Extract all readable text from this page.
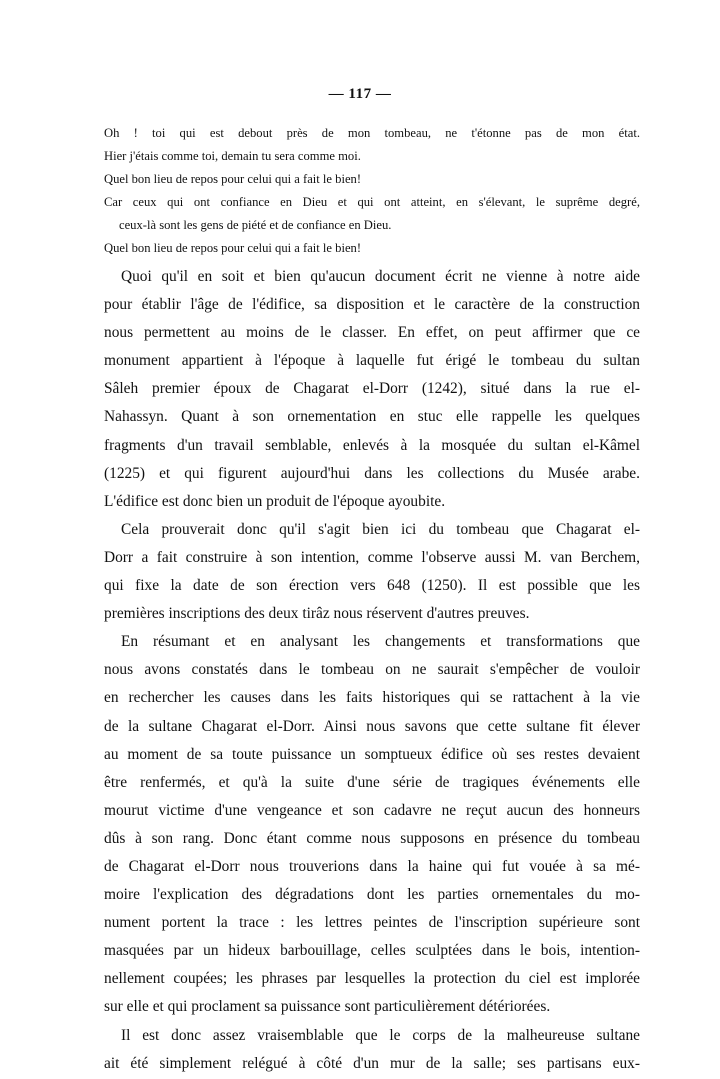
— 117 —
Oh ! toi qui est debout près de mon tombeau, ne t'étonne pas de mon état.
Hier j'étais comme toi, demain tu sera comme moi.
Quel bon lieu de repos pour celui qui a fait le bien!
Car ceux qui ont confiance en Dieu et qui ont atteint, en s'élevant, le suprême degré,
ceux-là sont les gens de piété et de confiance en Dieu.
Quel bon lieu de repos pour celui qui a fait le bien!
Quoi qu'il en soit et bien qu'aucun document écrit ne vienne à notre aide
pour établir l'âge de l'édifice, sa disposition et le caractère de la construction
nous permettent au moins de le classer. En effet, on peut affirmer que ce
monument appartient à l'époque à laquelle fut érigé le tombeau du sultan
Sâleh premier époux de Chagarat el-Dorr (1242), situé dans la rue el-
Nahassyn. Quant à son ornementation en stuc elle rappelle les quelques
fragments d'un travail semblable, enlevés à la mosquée du sultan el-Kâmel
(1225) et qui figurent aujourd'hui dans les collections du Musée arabe.
L'édifice est donc bien un produit de l'époque ayoubite.
Cela prouverait donc qu'il s'agit bien ici du tombeau que Chagarat el-
Dorr a fait construire à son intention, comme l'observe aussi M. van Berchem,
qui fixe la date de son érection vers 648 (1250). Il est possible que les
premières inscriptions des deux tirâz nous réservent d'autres preuves.
En résumant et en analysant les changements et transformations que
nous avons constatés dans le tombeau on ne saurait s'empêcher de vouloir
en rechercher les causes dans les faits historiques qui se rattachent à la vie
de la sultane Chagarat el-Dorr. Ainsi nous savons que cette sultane fit élever
au moment de sa toute puissance un somptueux édifice où ses restes devaient
être renfermés, et qu'à la suite d'une série de tragiques événements elle
mourut victime d'une vengeance et son cadavre ne reçut aucun des honneurs
dûs à son rang. Donc étant comme nous supposons en présence du tombeau
de Chagarat el-Dorr nous trouverions dans la haine qui fut vouée à sa mé-
moire l'explication des dégradations dont les parties ornementales du mo-
nument portent la trace : les lettres peintes de l'inscription supérieure sont
masquées par un hideux barbouillage, celles sculptées dans le bois, intention-
nellement coupées; les phrases par lesquelles la protection du ciel est implorée
sur elle et qui proclament sa puissance sont particulièrement détériorées.
Il est donc assez vraisemblable que le corps de la malheureuse sultane
ait été simplement relégué à côté d'un mur de la salle; ses partisans eux-
